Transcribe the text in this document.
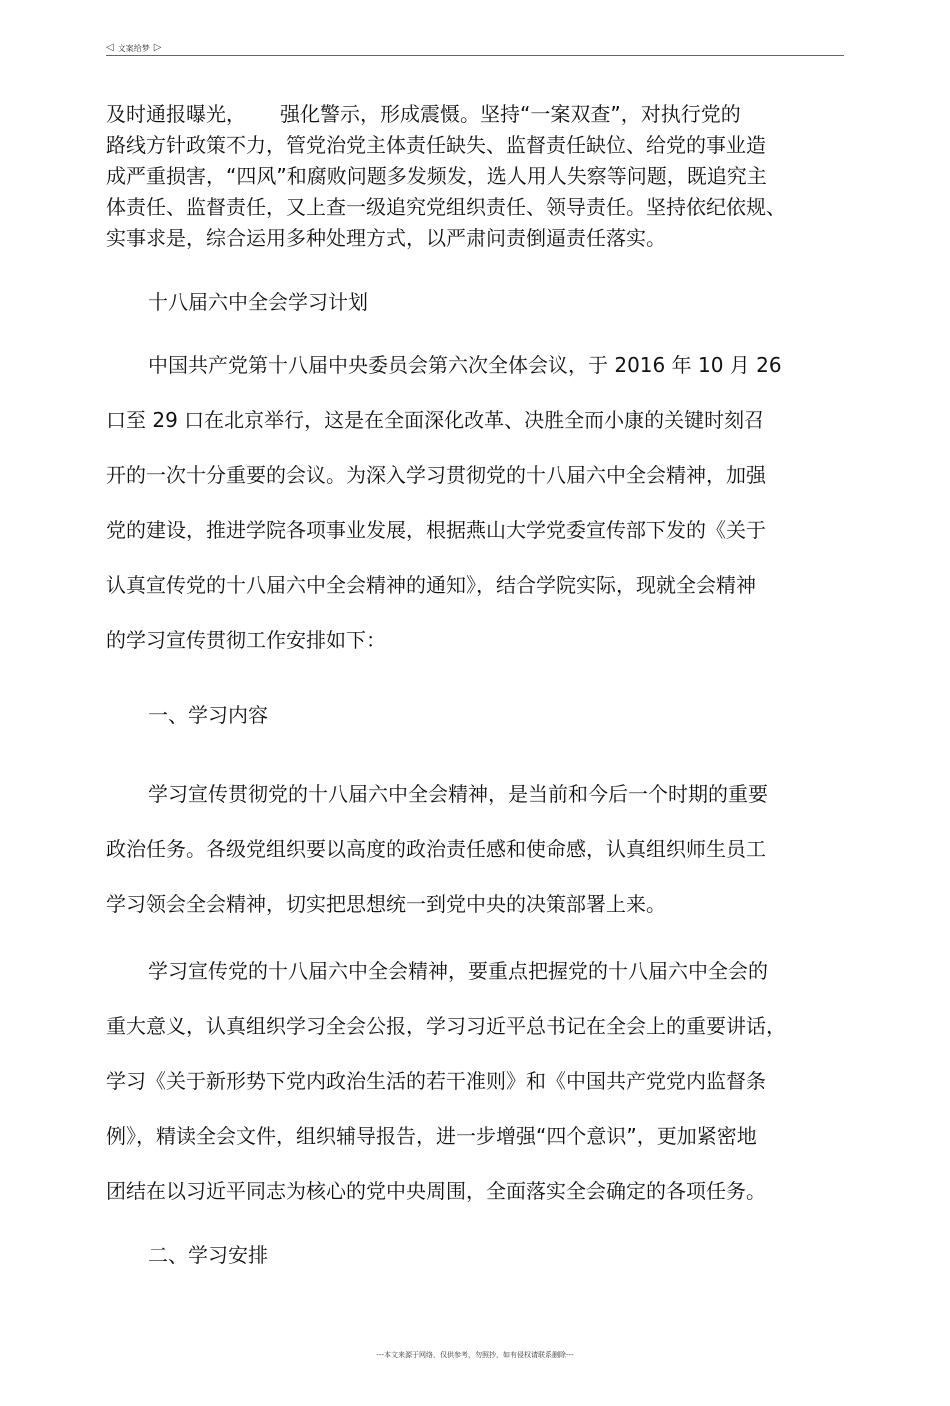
◁ 文案给梦 ▷
及时通报曝光， 强化警示，形成震慑。坚持“一案双查”，对执行党的
路线方针政策不力，管党治党主体责任缺失、监督责任缺位、给党的事业造
成严重损害，“四风”和腐败问题多发频发，选人用人失察等问题，既追究主
体责任、监督责任，又上查一级追究党组织责任、领导责任。坚持依纪依规、
实事求是，综合运用多种处理方式，以严肃问责倒逼责任落实。
十八届六中全会学习计划
中国共产党第十八届中央委员会第六次全体会议，于 2016 年 10 月 26
口至 29 口在北京举行，这是在全面深化改革、决胜全而小康的关键时刻召
开的一次十分重要的会议。为深入学习贯彻党的十八届六中全会精神，加强
党的建设，推进学院各项事业发展，根据燕山大学党委宣传部下发的《关于
认真宣传党的十八届六中全会精神的通知》，结合学院实际，现就全会精神
的学习宣传贯彻工作安排如下：
一、学习内容
学习宣传贯彻党的十八届六中全会精神，是当前和今后一个时期的重要
政治任务。各级党组织要以高度的政治责任感和使命感，认真组织师生员工
学习领会全会精神，切实把思想统一到党中央的决策部署上来。
学习宣传党的十八届六中全会精神，要重点把握党的十八届六中全会的
重大意义，认真组织学习全会公报，学习习近平总书记在全会上的重要讲话，
学习《关于新形势下党内政治生活的若干准则》和《中国共产党党内监督条
例》，精读全会文件，组织辅导报告，进一步增强“四个意识”，更加紧密地
团结在以习近平同志为核心的党中央周围，全面落实全会确定的各项任务。
二、学习安排
---本文来源于网络，仅供参考，勿照抄，如有侵权请联系删除---
